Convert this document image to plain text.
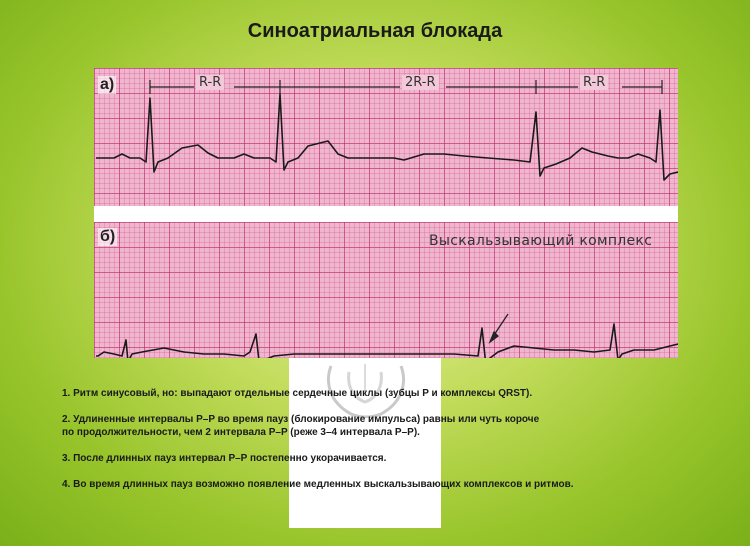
Синоатриальная блокада
а)	R-R	2R-R	R-R
б)	Выскальзывающий комплекс

1. Ритм синусовый, но: выпадают отдельные сердечные циклы (зубцы P и комплексы QRST).

2. Удлиненные интервалы P–P во время пауз (блокирование импульса) равны или чуть короче
по продолжительности, чем 2 интервала P–P (реже 3–4 интервала P–P).

3. После длинных пауз интервал P–P постепенно укорачивается.

4. Во время длинных пауз возможно появление медленных выскальзывающих комплексов и ритмов.
